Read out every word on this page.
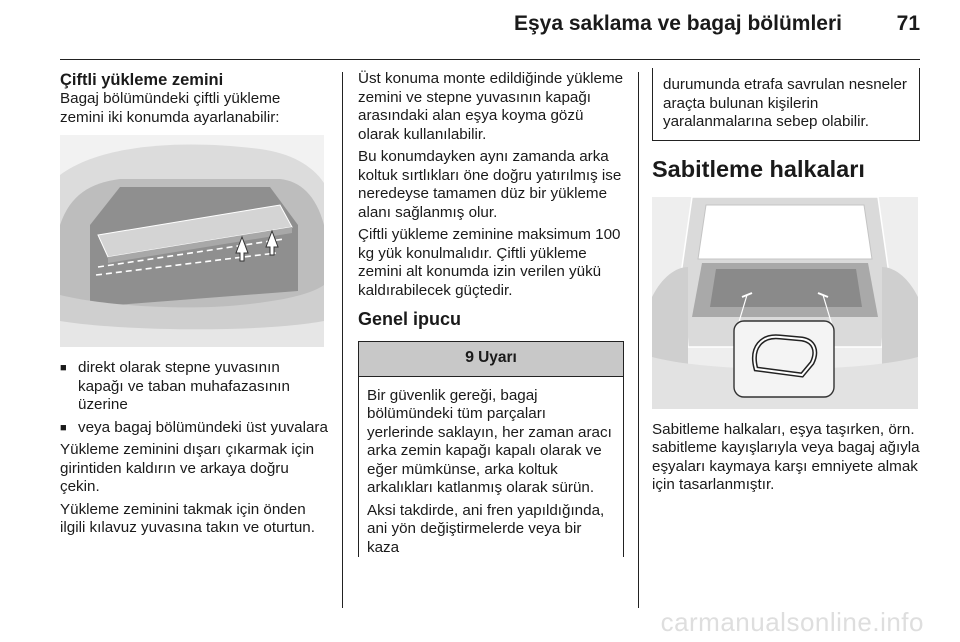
Eşya saklama ve bagaj bölümleri	71
Çiftli yükleme zemini

Bagaj bölümündeki çiftli yükleme zemini iki konumda ayarlanabilir:

■ direkt olarak stepne yuvasının kapağı ve taban muhafazasının üzerine
■ veya bagaj bölümündeki üst yuvalara

Yükleme zeminini dışarı çıkarmak için girintiden kaldırın ve arkaya doğru çekin.

Yükleme zeminini takmak için önden ilgili kılavuz yuvasına takın ve oturtun.

Üst konuma monte edildiğinde yükleme zemini ve stepne yuvasının kapağı arasındaki alan eşya koyma gözü olarak kullanılabilir.

Bu konumdayken aynı zamanda arka koltuk sırtlıkları öne doğru yatırılmış ise neredeyse tamamen düz bir yükleme alanı sağlanmış olur.

Çiftli yükleme zeminine maksimum 100 kg yük konulmalıdır. Çiftli yükleme zemini alt konumda izin verilen yükü kaldırabilecek güçtedir.

Genel ipucu
9 Uyarı

Bir güvenlik gereği, bagaj bölümündeki tüm parçaları yerlerinde saklayın, her zaman aracı arka zemin kapağı kapalı olarak ve eğer mümkünse, arka koltuk arkalıkları katlanmış olarak sürün.

Aksi takdirde, ani fren yapıldığında, ani yön değiştirmelerde veya bir kaza

durumunda etrafa savrulan nesneler araçta bulunan kişilerin yaralanmalarına sebep olabilir.

Sabitleme halkaları

Sabitleme halkaları, eşya taşırken, örn. sabitleme kayışlarıyla veya bagaj ağıyla eşyaları kaymaya karşı emniyete almak için tasarlanmıştır.

carmanualsonline.info
